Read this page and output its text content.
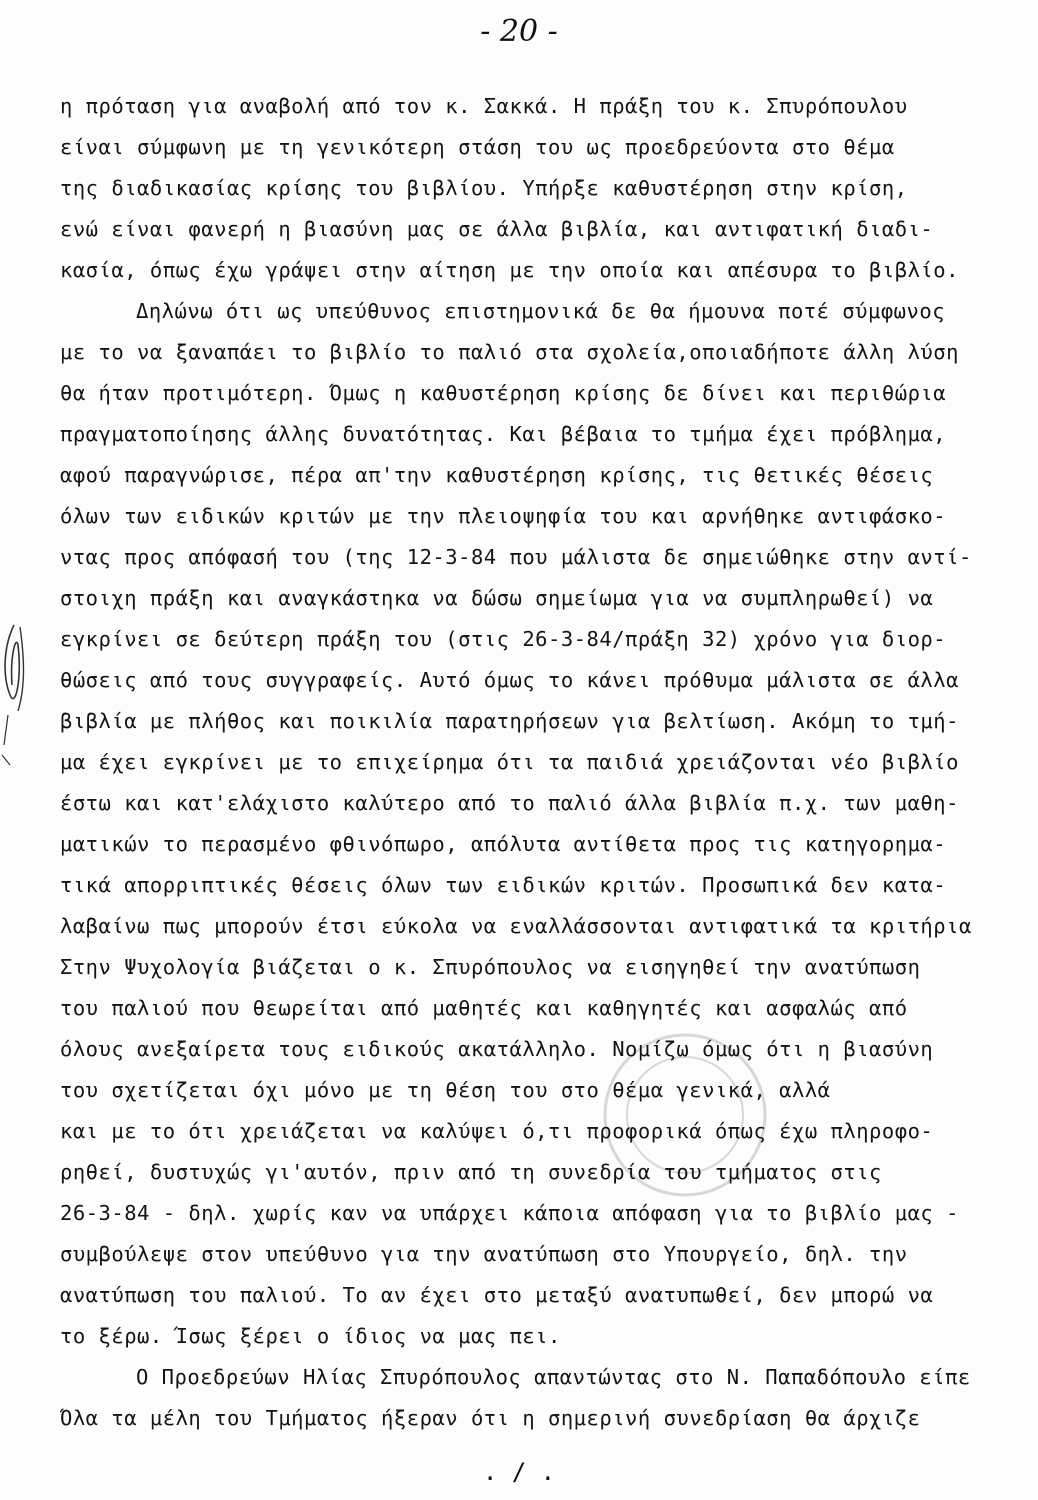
- 20 -
η πρόταση για αναβολή από τον κ. Σακκά. Η πράξη του κ. Σπυρόπουλου
είναι σύμφωνη με τη γενικότερη στάση του ως προεδρεύοντα στο θέμα
της διαδικασίας κρίσης του βιβλίου. Υπήρξε καθυστέρηση στην κρίση,
ενώ είναι φανερή η βιασύνη μας σε άλλα βιβλία, και αντιφατική διαδι-
κασία, όπως έχω γράψει στην αίτηση με την οποία και απέσυρα το βιβλίο.
Δηλώνω ότι ως υπεύθυνος επιστημονικά δε θα ήμουνα ποτέ σύμφωνος
με το να ξαναπάει το βιβλίο το παλιό στα σχολεία,οποιαδήποτε άλλη λύση
θα ήταν προτιμότερη. Όμως η καθυστέρηση κρίσης δε δίνει και περιθώρια
πραγματοποίησης άλλης δυνατότητας. Και βέβαια το τμήμα έχει πρόβλημα,
αφού παραγνώρισε, πέρα απ'την καθυστέρηση κρίσης, τις θετικές θέσεις
όλων των ειδικών κριτών με την πλειοψηφία του και αρνήθηκε αντιφάσκο-
ντας προς απόφασή του (της 12-3-84 που μάλιστα δε σημειώθηκε στην αντί-
στοιχη πράξη και αναγκάστηκα να δώσω σημείωμα για να συμπληρωθεί) να
εγκρίνει σε δεύτερη πράξη του (στις 26-3-84/πράξη 32) χρόνο για διορ-
θώσεις από τους συγγραφείς. Αυτό όμως το κάνει πρόθυμα μάλιστα σε άλλα
βιβλία με πλήθος και ποικιλία παρατηρήσεων για βελτίωση. Ακόμη το τμή-
μα έχει εγκρίνει με το επιχείρημα ότι τα παιδιά χρειάζονται νέο βιβλίο
έστω και κατ'ελάχιστο καλύτερο από το παλιό άλλα βιβλία π.χ. των μαθη-
ματικών το περασμένο φθινόπωρο, απόλυτα αντίθετα προς τις κατηγορημα-
τικά απορριπτικές θέσεις όλων των ειδικών κριτών. Προσωπικά δεν κατα-
λαβαίνω πως μπορούν έτσι εύκολα να εναλλάσσονται αντιφατικά τα κριτήρια
Στην Ψυχολογία βιάζεται ο κ. Σπυρόπουλος να εισηγηθεί την ανατύπωση
του παλιού που θεωρείται από μαθητές και καθηγητές και ασφαλώς από
όλους ανεξαίρετα τους ειδικούς ακατάλληλο. Νομίζω όμως ότι η βιασύνη
του σχετίζεται όχι μόνο με τη θέση του στο θέμα γενικά, αλλά
και με το ότι χρειάζεται να καλύψει ό,τι προφορικά όπως έχω πληροφο-
ρηθεί, δυστυχώς γι'αυτόν, πριν από τη συνεδρία του τμήματος στις
26-3-84 - δηλ. χωρίς καν να υπάρχει κάποια απόφαση για το βιβλίο μας -
συμβούλεψε στον υπεύθυνο για την ανατύπωση στο Υπουργείο, δηλ. την
ανατύπωση του παλιού. Το αν έχει στο μεταξύ ανατυπωθεί, δεν μπορώ να
το ξέρω. Ίσως ξέρει ο ίδιος να μας πει.
Ο Προεδρεύων Ηλίας Σπυρόπουλος απαντώντας στο Ν. Παπαδόπουλο είπε
Όλα τα μέλη του Τμήματος ήξεραν ότι η σημερινή συνεδρίαση θα άρχιζε
. / .
